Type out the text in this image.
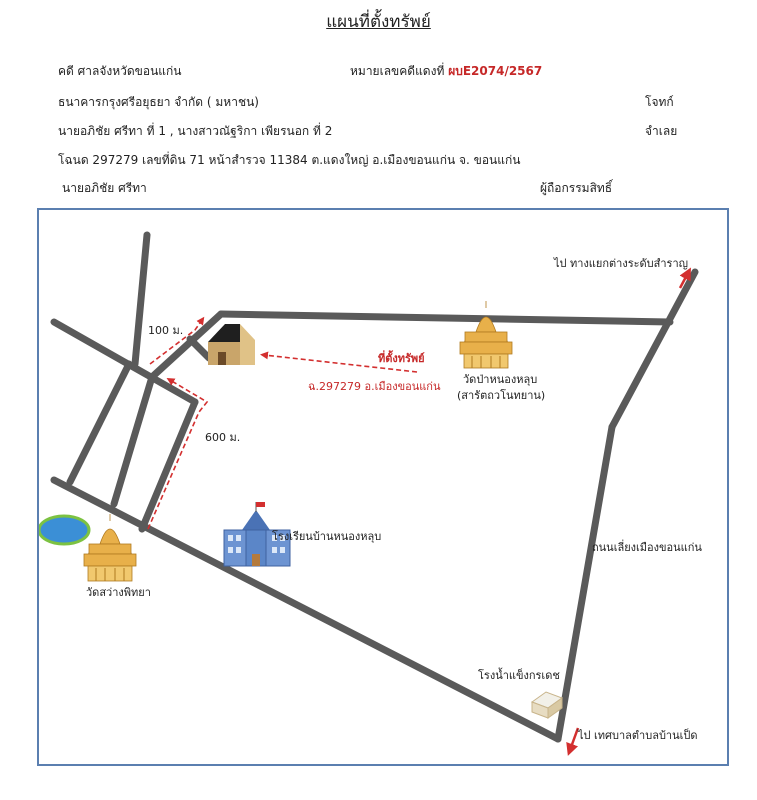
แผนที่ตั้งทรัพย์
คดี ศาลจังหวัดขอนแก่น	หมายเลขคดีแดงที่ ผบE2074/2567
ธนาคารกรุงศรีอยุธยา จำกัด ( มหาชน)	โจทก์
นายอภิชัย ศรีทา ที่ 1 , นางสาวณัฐริกา เพียรนอก ที่ 2	จำเลย
โฉนด 297279 เลขที่ดิน 71 หน้าสำรวจ 11384 ต.แดงใหญ่ อ.เมืองขอนแก่น จ. ขอนแก่น
นายอภิชัย ศรีทา	ผู้ถือกรรมสิทธิ์
100 ม.
600 ม.
ที่ตั้งทรัพย์
ฉ.297279 อ.เมืองขอนแก่น
ไป ทางแยกต่างระดับสำราญ
วัดป่าหนองหลุบ
(สารัตถวโนทยาน)
โรงเรียนบ้านหนองหลุบ
วัดสว่างพิทยา
ถนนเลี่ยงเมืองขอนแก่น
โรงน้ำแข็งกรเดช
ไป เทศบาลตำบลบ้านเป็ด
